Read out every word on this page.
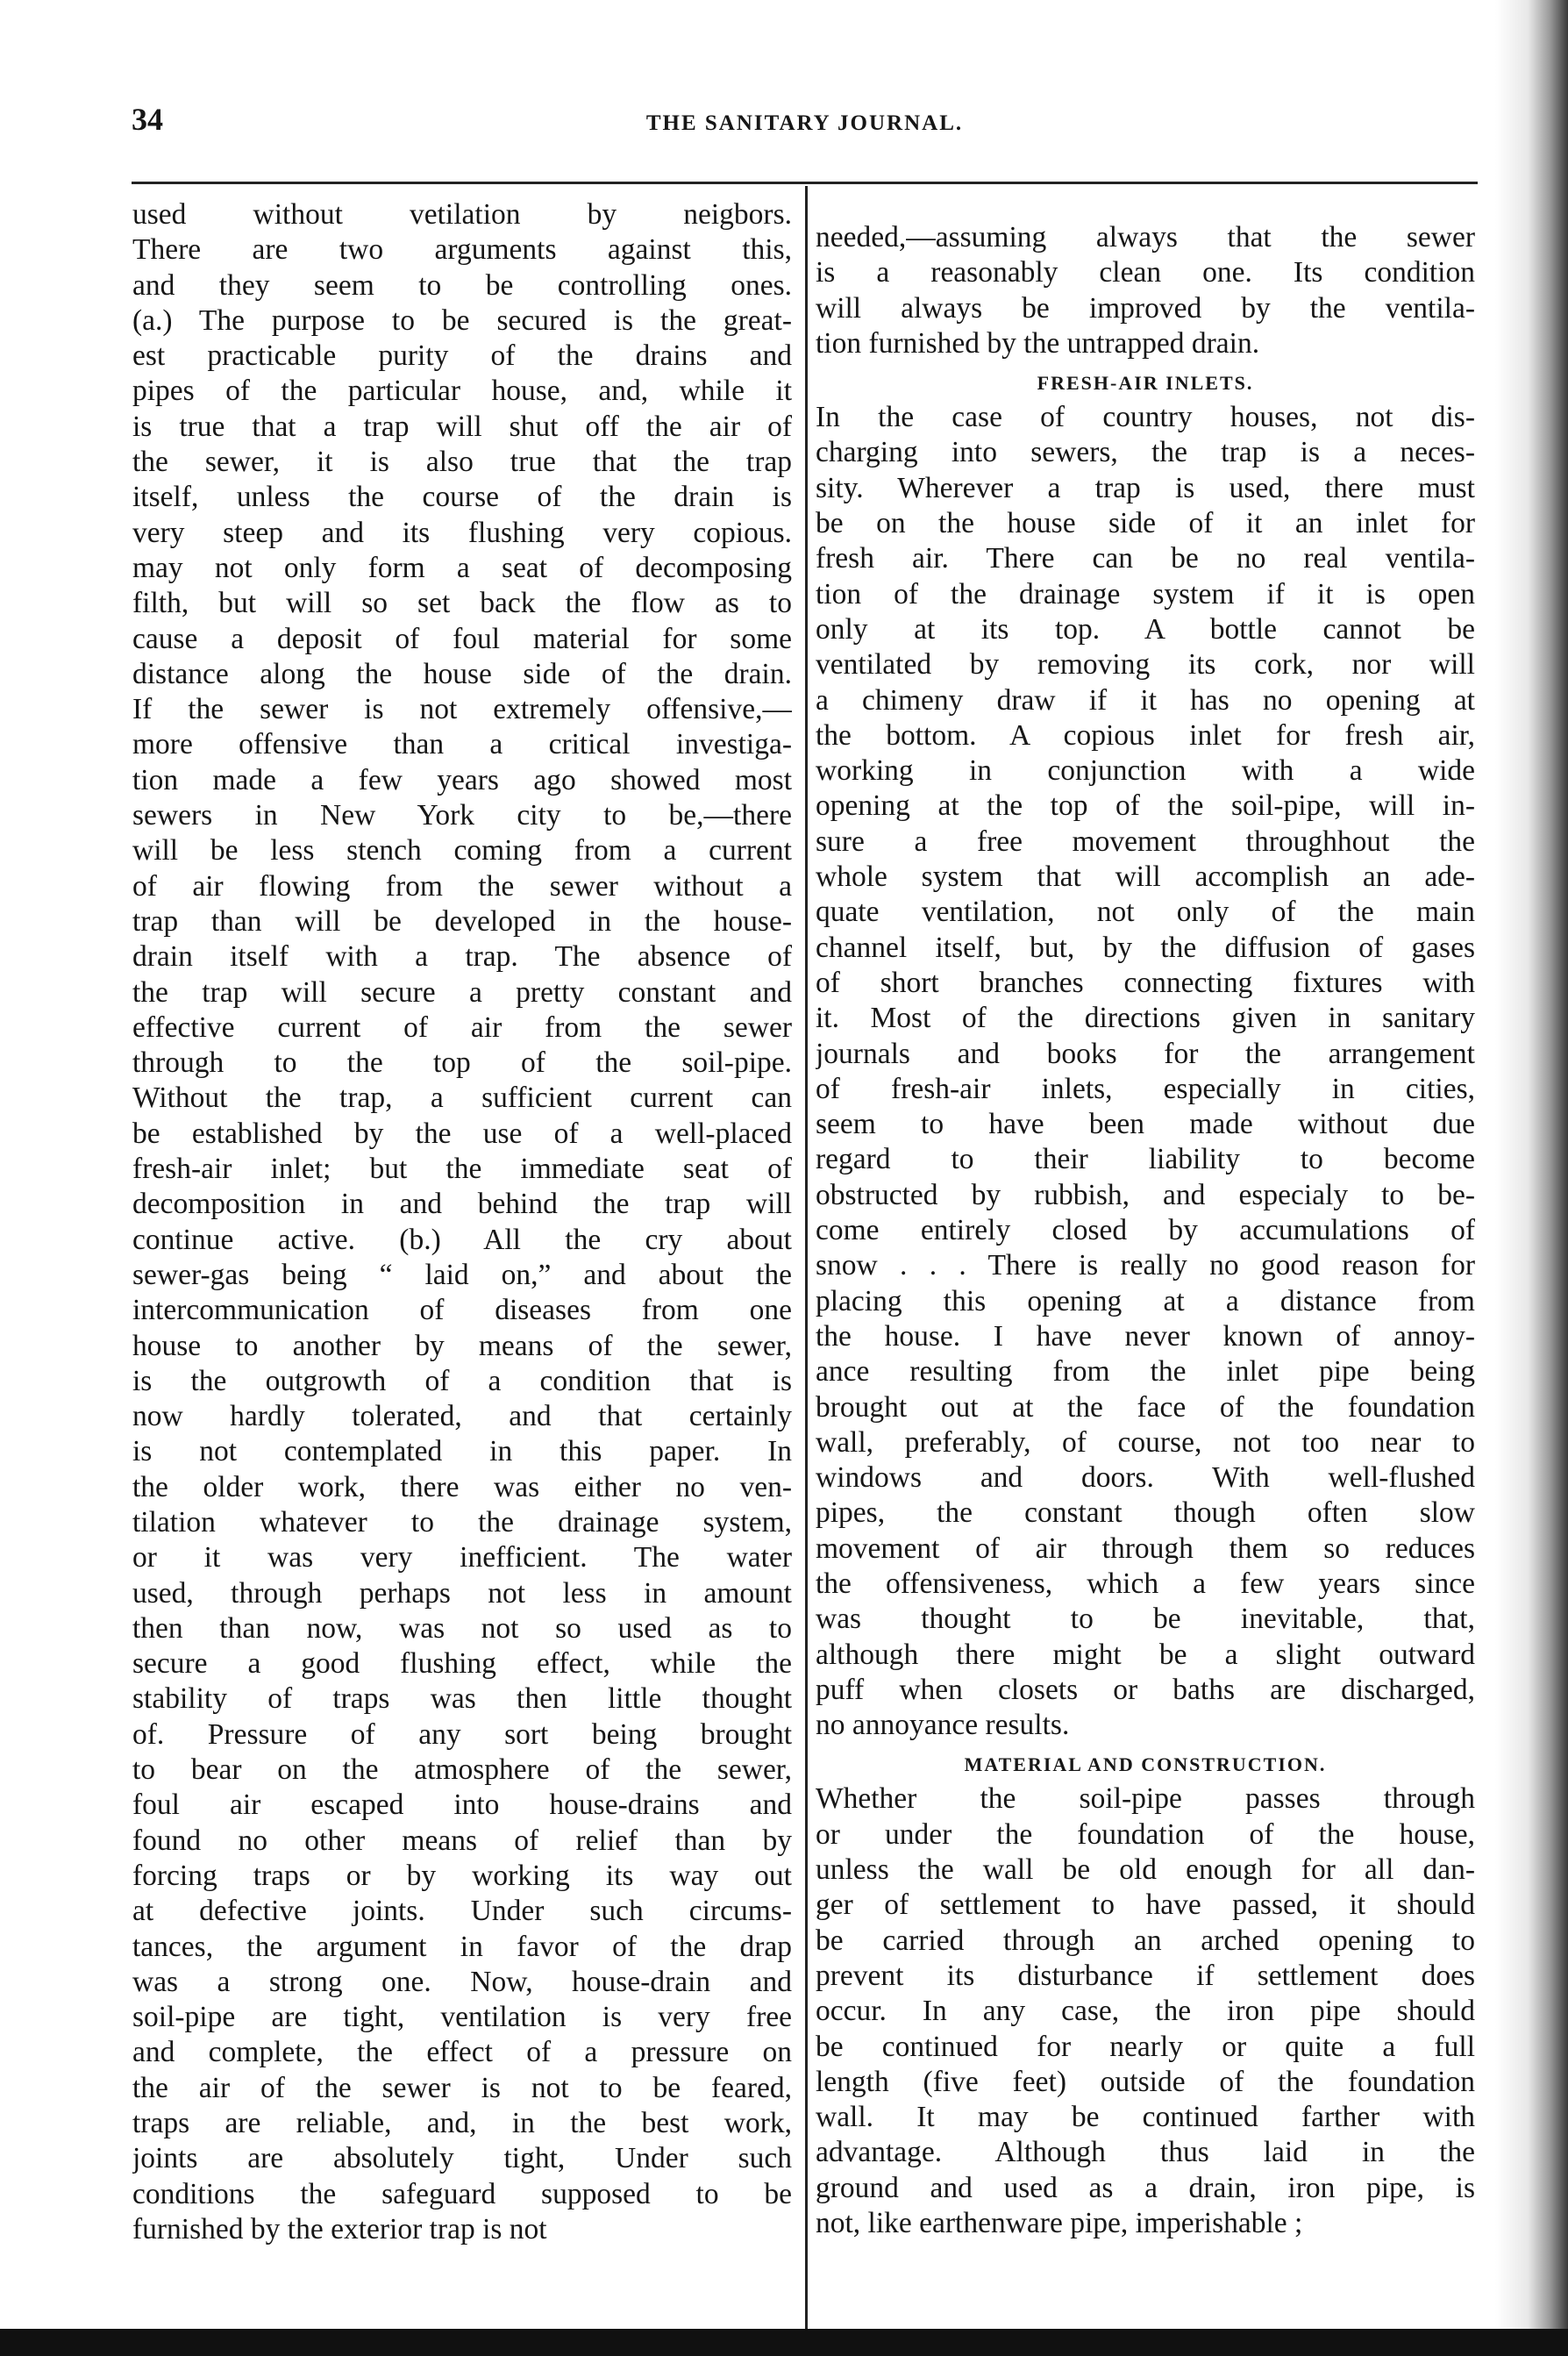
34	THE SANITARY JOURNAL.
used without vetilation by neigbors.
There are two arguments against this,
and they seem to be controlling ones.
(a.) The purpose to be secured is the great-
est practicable purity of the drains and
pipes of the particular house, and, while it
is true that a trap will shut off the air of
the sewer, it is also true that the trap
itself, unless the course of the drain is
very steep and its flushing very copious.
may not only form a seat of decomposing
filth, but will so set back the flow as to
cause a deposit of foul material for some
distance along the house side of the drain.
If the sewer is not extremely offensive,—
more offensive than a critical investiga-
tion made a few years ago showed most
sewers in New York city to be,—there
will be less stench coming from a current
of air flowing from the sewer without a
trap than will be developed in the house-
drain itself with a trap. The absence of
the trap will secure a pretty constant and
effective current of air from the sewer
through to the top of the soil-pipe.
Without the trap, a sufficient current can
be established by the use of a well-placed
fresh-air inlet; but the immediate seat of
decomposition in and behind the trap will
continue active. (b.) All the cry about
sewer-gas being “ laid on,” and about the
intercommunication of diseases from one
house to another by means of the sewer,
is the outgrowth of a condition that is
now hardly tolerated, and that certainly
is not contemplated in this paper. In
the older work, there was either no ven-
tilation whatever to the drainage system,
or it was very inefficient. The water
used, through perhaps not less in amount
then than now, was not so used as to
secure a good flushing effect, while the
stability of traps was then little thought
of. Pressure of any sort being brought
to bear on the atmosphere of the sewer,
foul air escaped into house-drains and
found no other means of relief than by
forcing traps or by working its way out
at defective joints. Under such circums-
tances, the argument in favor of the drap
was a strong one. Now, house-drain and
soil-pipe are tight, ventilation is very free
and complete, the effect of a pressure on
the air of the sewer is not to be feared,
traps are reliable, and, in the best work,
joints are absolutely tight, Under such
conditions the safeguard supposed to be
furnished by the exterior trap is not
needed,—assuming always that the sewer
is a reasonably clean one. Its condition
will always be improved by the ventila-
tion furnished by the untrapped drain.
FRESH-AIR INLETS.
In the case of country houses, not dis-
charging into sewers, the trap is a neces-
sity. Wherever a trap is used, there must
be on the house side of it an inlet for
fresh air. There can be no real ventila-
tion of the drainage system if it is open
only at its top. A bottle cannot be
ventilated by removing its cork, nor will
a chimeny draw if it has no opening at
the bottom. A copious inlet for fresh air,
working in conjunction with a wide
opening at the top of the soil-pipe, will in-
sure a free movement throughhout the
whole system that will accomplish an ade-
quate ventilation, not only of the main
channel itself, but, by the diffusion of gases
of short branches connecting fixtures with
it. Most of the directions given in sanitary
journals and books for the arrangement
of fresh-air inlets, especially in cities,
seem to have been made without due
regard to their liability to become
obstructed by rubbish, and especialy to be-
come entirely closed by accumulations of
snow . . . There is really no good reason for
placing this opening at a distance from
the house. I have never known of annoy-
ance resulting from the inlet pipe being
brought out at the face of the foundation
wall, preferably, of course, not too near to
windows and doors. With well-flushed
pipes, the constant though often slow
movement of air through them so reduces
the offensiveness, which a few years since
was thought to be inevitable, that,
although there might be a slight outward
puff when closets or baths are discharged,
no annoyance results.
MATERIAL AND CONSTRUCTION.
Whether the soil-pipe passes through
or under the foundation of the house,
unless the wall be old enough for all dan-
ger of settlement to have passed, it should
be carried through an arched opening to
prevent its disturbance if settlement does
occur. In any case, the iron pipe should
be continued for nearly or quite a full
length (five feet) outside of the foundation
wall. It may be continued farther with
advantage. Although thus laid in the
ground and used as a drain, iron pipe, is
not, like earthenware pipe, imperishable ;
